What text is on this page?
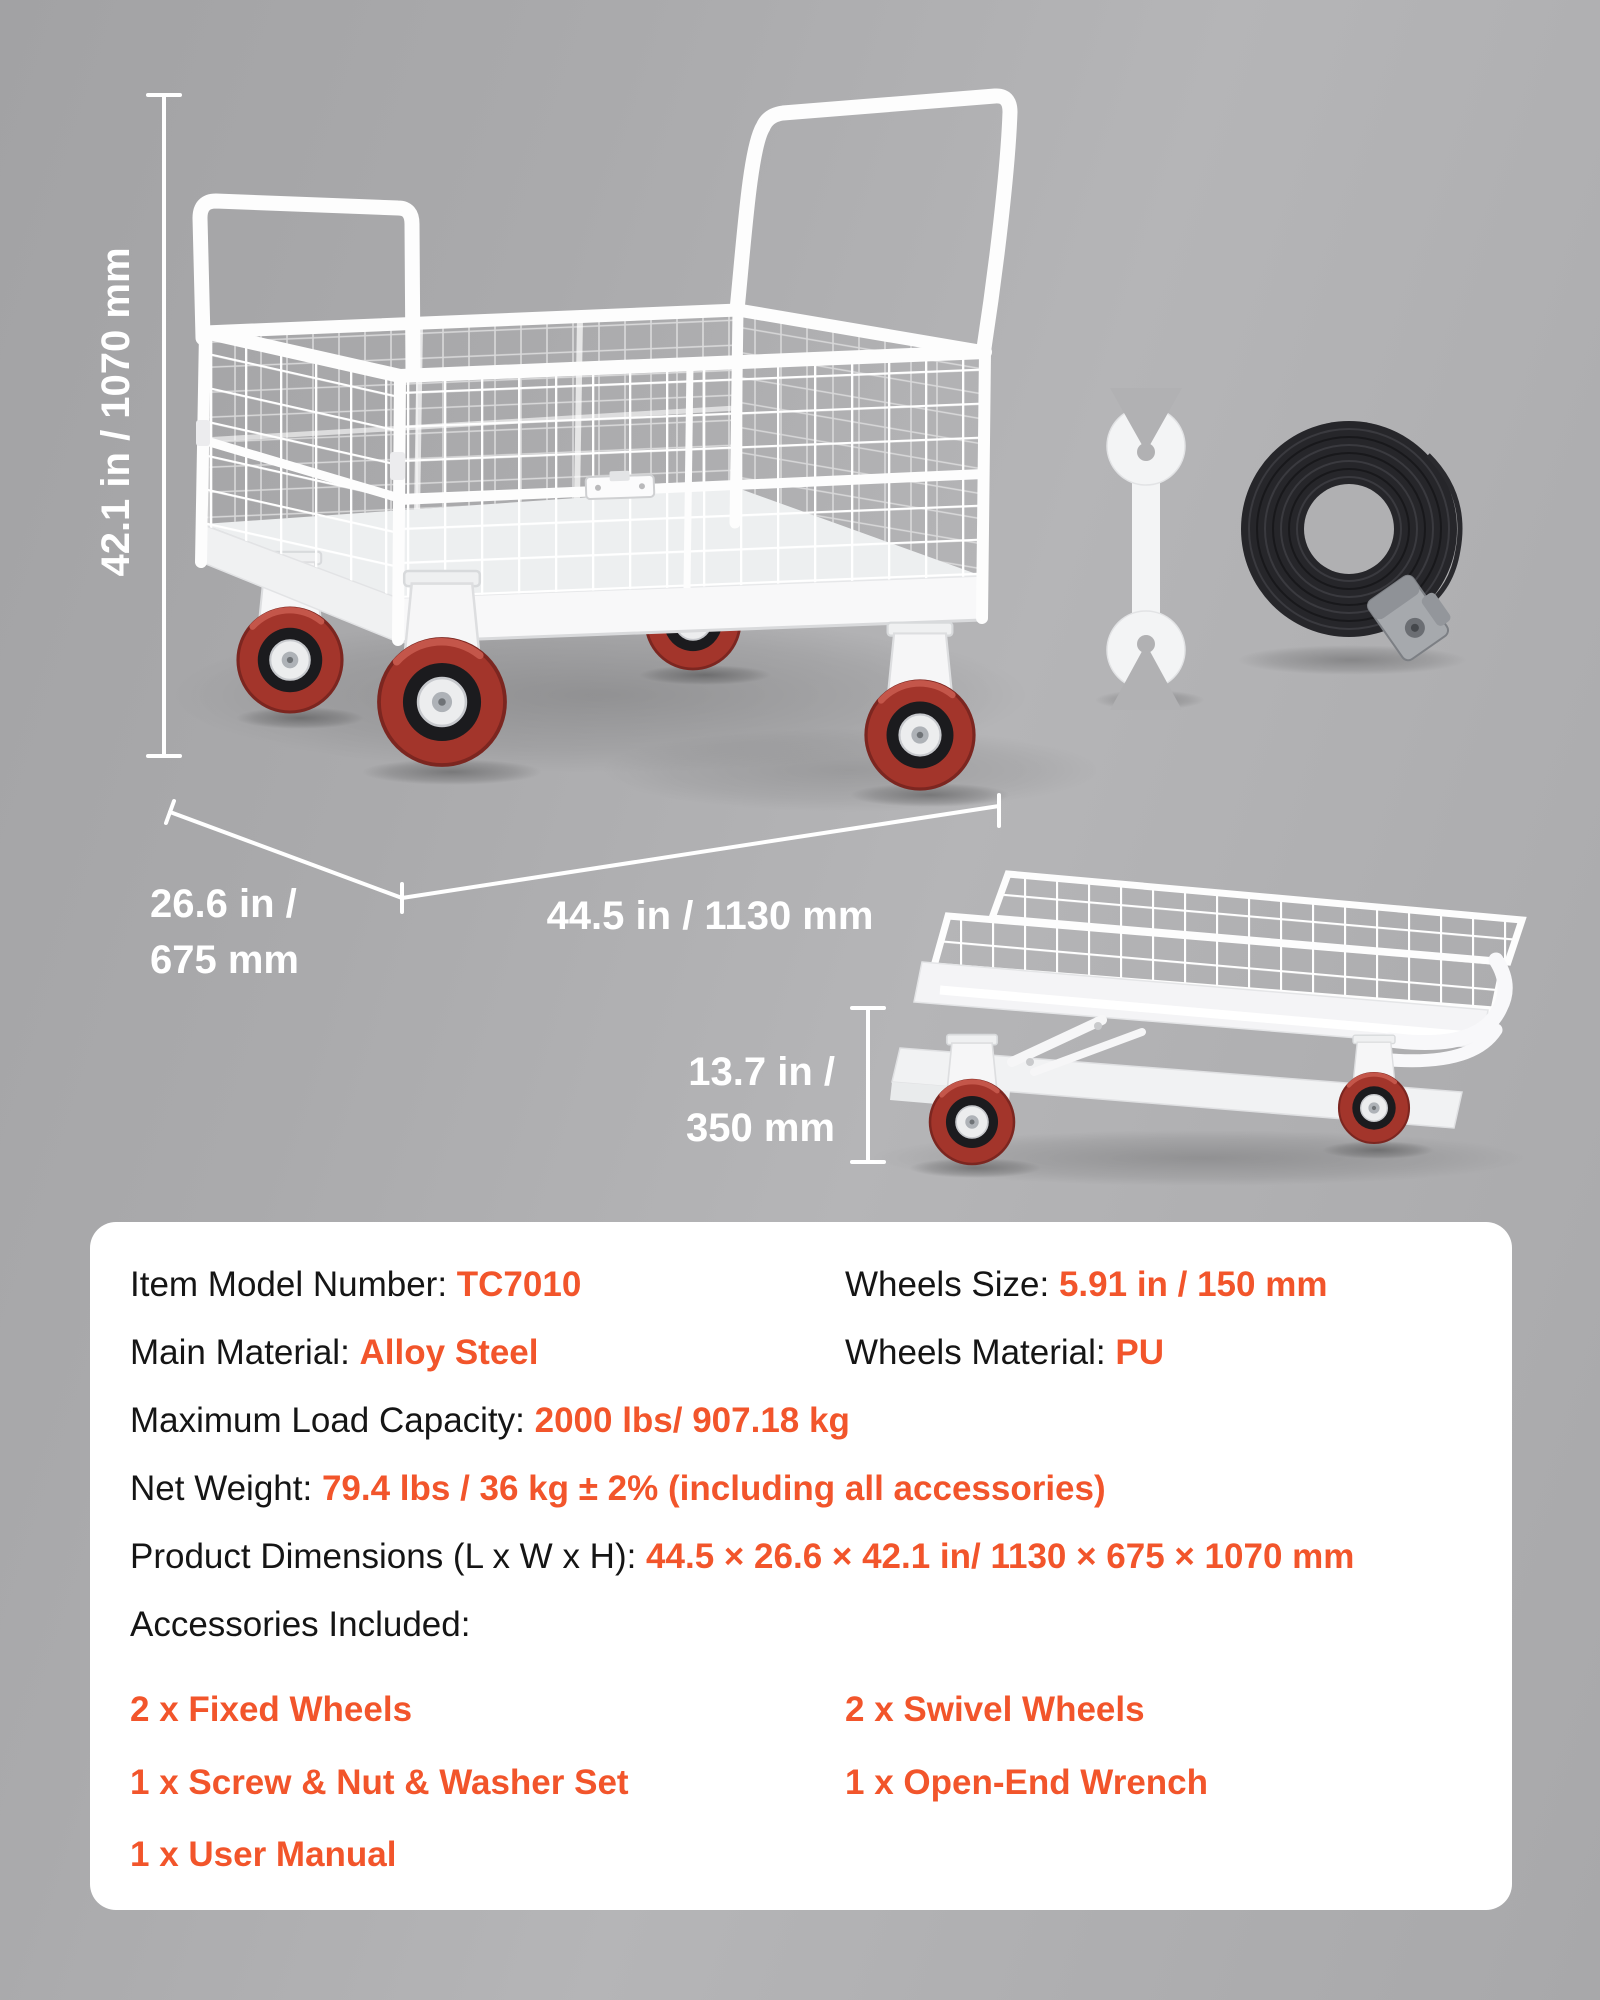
42.1 in / 1070 mm
26.6 in /
675 mm
44.5 in / 1130 mm
13.7 in /
350 mm
Item Model Number: TC7010	Wheels Size: 5.91 in / 150 mm
Main Material: Alloy Steel	Wheels Material: PU
Maximum Load Capacity: 2000 lbs/ 907.18 kg
Net Weight: 79.4 lbs / 36 kg ± 2% (including all accessories)
Product Dimensions (L x W x H): 44.5 × 26.6 × 42.1 in/ 1130 × 675 × 1070 mm
Accessories Included:
2 x Fixed Wheels	2 x Swivel Wheels
1 x Screw & Nut & Washer Set	1 x Open-End Wrench
1 x User Manual
